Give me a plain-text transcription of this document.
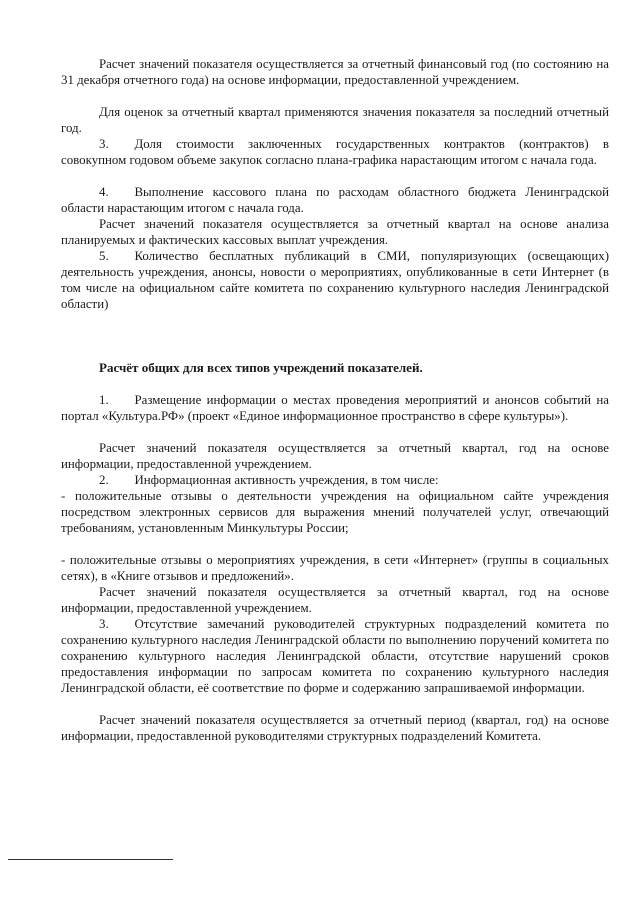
Расчет значений показателя осуществляется за отчетный финансовый год (по состоянию на 31 декабря отчетного года) на основе информации, предоставленной учреждением.
Для оценок за отчетный квартал применяются значения показателя за последний отчетный год.
3.  Доля стоимости заключенных государственных контрактов (контрактов) в совокупном годовом объеме закупок согласно плана-графика нарастающим итогом с начала года.
4.  Выполнение кассового плана по расходам областного бюджета Ленинградской области нарастающим итогом с начала года.
Расчет значений показателя осуществляется за отчетный квартал на основе анализа планируемых и фактических кассовых выплат учреждения.
5.  Количество бесплатных публикаций в СМИ, популяризующих (освещающих) деятельность учреждения, анонсы, новости о мероприятиях, опубликованные в сети Интернет (в том числе на официальном сайте комитета по сохранению культурного наследия Ленинградской области)
Расчёт общих для всех типов учреждений показателей.
1.  Размещение информации о местах проведения мероприятий и анонсов событий на портал «Культура.РФ» (проект «Единое информационное пространство в сфере культуры»).
Расчет значений показателя осуществляется за отчетный квартал, год на основе информации, предоставленной учреждением.
2.  Информационная активность учреждения, в том числе:
- положительные отзывы о деятельности учреждения на официальном сайте учреждения посредством электронных сервисов для выражения мнений получателей услуг, отвечающий требованиям, установленным Минкультуры России;
- положительные отзывы о мероприятиях учреждения, в сети «Интернет» (группы в социальных сетях), в «Книге отзывов и предложений».
Расчет значений показателя осуществляется за отчетный квартал, год на основе информации, предоставленной учреждением.
3.  Отсутствие замечаний руководителей структурных подразделений комитета по сохранению культурного наследия Ленинградской области по выполнению поручений комитета по сохранению культурного наследия Ленинградской области, отсутствие нарушений сроков предоставления информации по запросам комитета по сохранению культурного наследия Ленинградской области, её соответствие по форме и содержанию запрашиваемой информации.
Расчет значений показателя осуществляется за отчетный период (квартал, год) на основе информации, предоставленной руководителями структурных подразделений Комитета.
